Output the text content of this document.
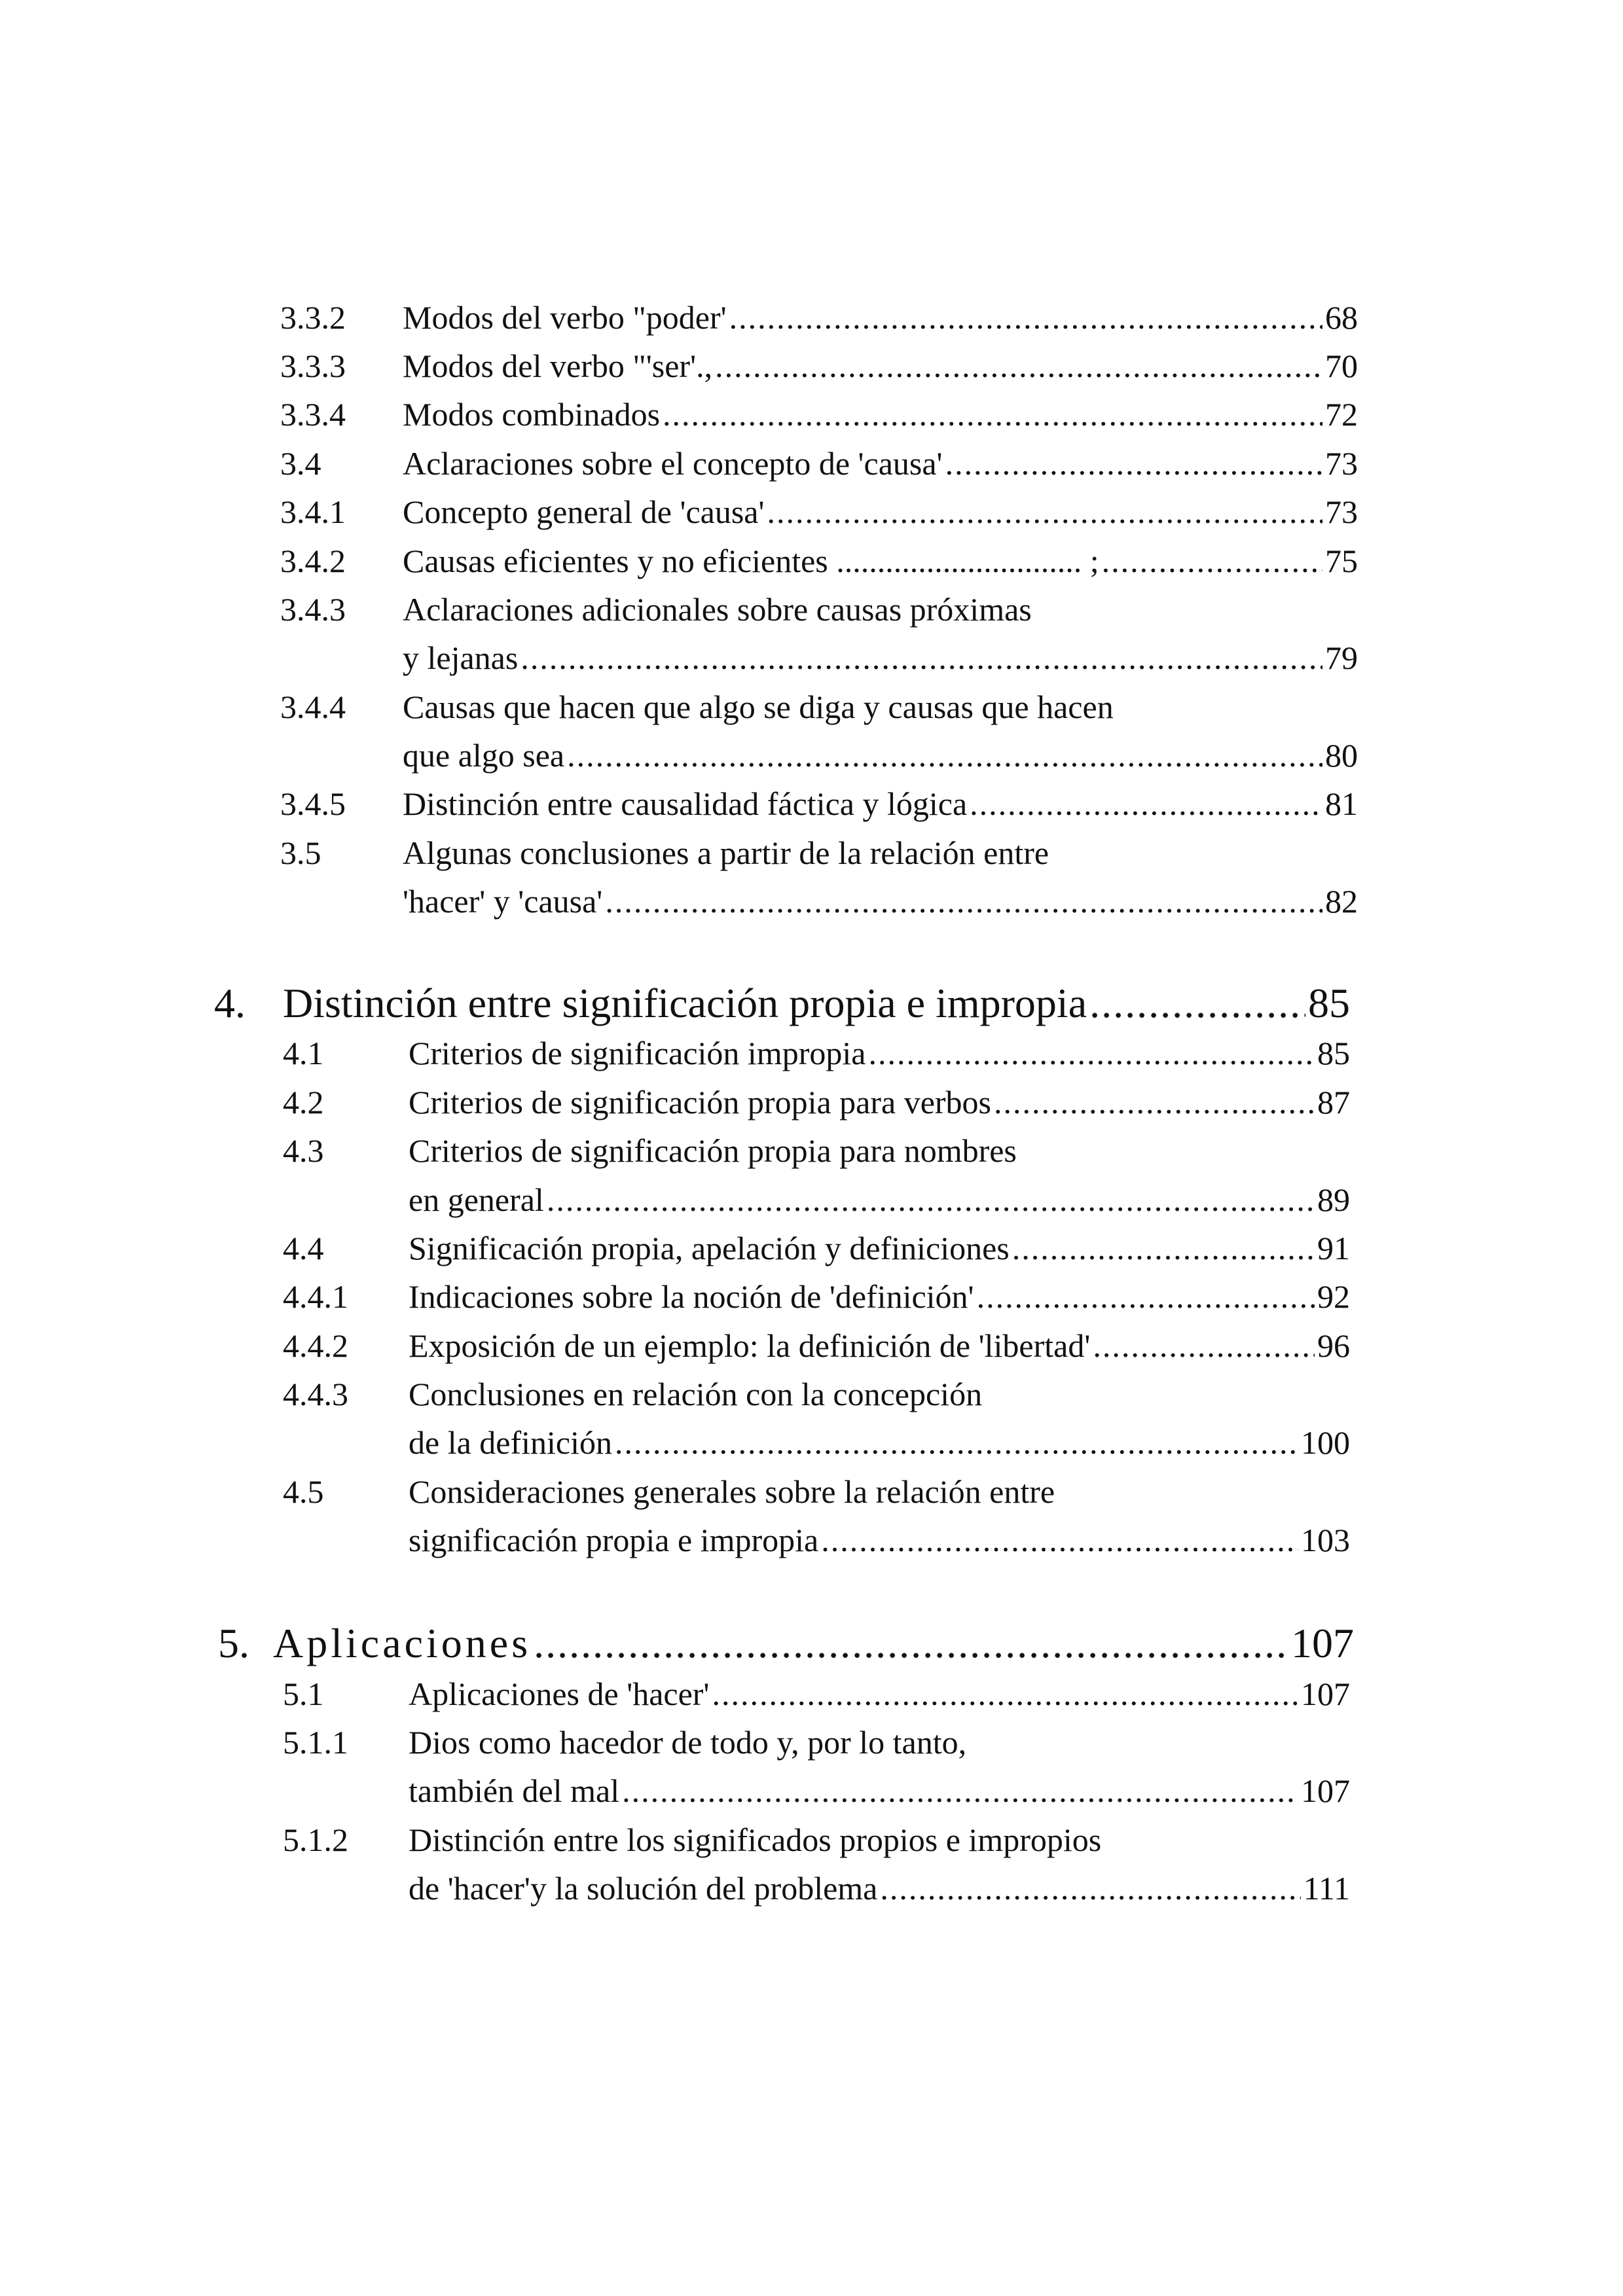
3.3.2 Modos del verbo "poder' .....	68
3.3.3 Modos del verbo "'ser'., .....	70
3.3.4 Modos combinados .....	72
3.4 Aclaraciones sobre el concepto de 'causa' .....	73
3.4.1 Concepto general de 'causa' .....	73
3.4.2 Causas eficientes y no eficientes .............................. ; .....	75
3.4.3 Aclaraciones adicionales sobre causas próximas
y lejanas .....	79
3.4.4 Causas que hacen que algo se diga y causas que hacen
que algo sea .....	80
3.4.5 Distinción entre causalidad fáctica y lógica .....	81
3.5 Algunas conclusiones a partir de la relación entre
'hacer' y 'causa' .....	82
4. Distinción entre significación propia e impropia .....	85
4.1	Criterios de significación impropia .....	85
4.2	Criterios de significación propia para verbos .....	87
4.3	Criterios de significación propia para nombres
en general .....	89
4.4	Significación propia, apelación y definiciones .....	91
4.4.1 Indicaciones sobre la noción de 'definición' .....	92
4.4.2 Exposición de un ejemplo: la definición de 'libertad' .....	96
4.4.3 Conclusiones en relación con la concepción
de la definición .....	100
4.5	Consideraciones generales sobre la relación entre
significación propia e impropia .....	103
5. Aplicaciones .....	107
5.1	Aplicaciones de 'hacer' .....	107
5.1.1 Dios como hacedor de todo y, por lo tanto,
también del mal .....	107
5.1.2 Distinción entre los significados propios e impropios
de 'hacer'y la solución del problema .....	111
